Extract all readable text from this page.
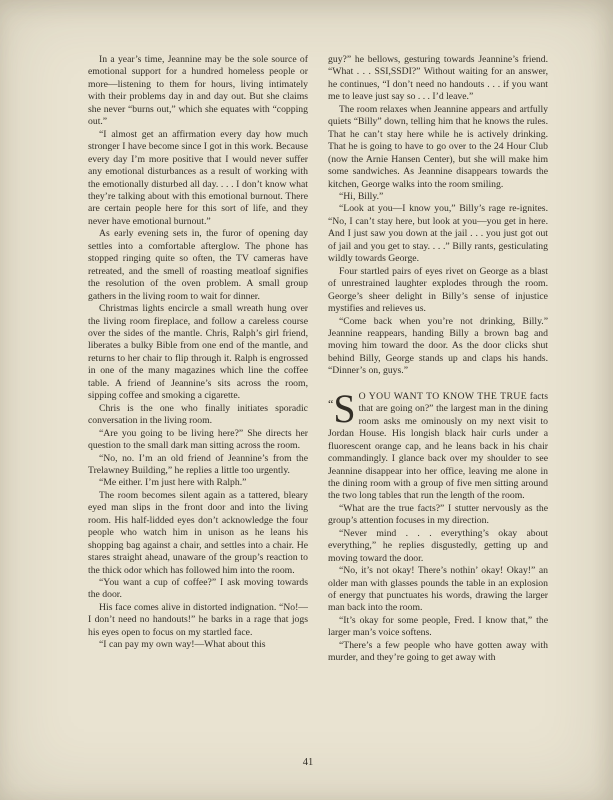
In a year’s time, Jeannine may be the sole source of emotional support for a hundred homeless people or more—listening to them for hours, living intimately with their problems day in and day out. But she claims she never “burns out,” which she equates with “copping out.”

“I almost get an affirmation every day how much stronger I have become since I got in this work. Because every day I’m more positive that I would never suffer any emotional disturbances as a result of working with the emotionally disturbed all day. . . . I don’t know what they’re talking about with this emotional burnout. There are certain people here for this sort of life, and they never have emotional burnout.”

As early evening sets in, the furor of opening day settles into a comfortable afterglow. The phone has stopped ringing quite so often, the TV cameras have retreated, and the smell of roasting meatloaf signifies the resolution of the oven problem. A small group gathers in the living room to wait for dinner.

Christmas lights encircle a small wreath hung over the living room fireplace, and follow a careless course over the sides of the mantle. Chris, Ralph’s girl friend, liberates a bulky Bible from one end of the mantle, and returns to her chair to flip through it. Ralph is engrossed in one of the many magazines which line the coffee table. A friend of Jeannine’s sits across the room, sipping coffee and smoking a cigarette.

Chris is the one who finally initiates sporadic conversation in the living room.

“Are you going to be living here?” She directs her question to the small dark man sitting across the room.

“No, no. I’m an old friend of Jeannine’s from the Trelawney Building,” he replies a little too urgently.

“Me either. I’m just here with Ralph.”

The room becomes silent again as a tattered, bleary eyed man slips in the front door and into the living room. His half-lidded eyes don’t acknowledge the four people who watch him in unison as he leans his shopping bag against a chair, and settles into a chair. He stares straight ahead, unaware of the group’s reaction to the thick odor which has followed him into the room.

“You want a cup of coffee?” I ask moving towards the door.

His face comes alive in distorted indignation. “No!—I don’t need no handouts!” he barks in a rage that jogs his eyes open to focus on my startled face.

“I can pay my own way!—What about this

guy?” he bellows, gesturing towards Jeannine’s friend. “What . . . SSI,SSDI?” Without waiting for an answer, he continues, “I don’t need no handouts . . . if you want me to leave just say so . . . I’d leave.”

The room relaxes when Jeannine appears and artfully quiets “Billy” down, telling him that he knows the rules. That he can’t stay here while he is actively drinking. That he is going to have to go over to the 24 Hour Club (now the Arnie Hansen Center), but she will make him some sandwiches. As Jeannine disappears towards the kitchen, George walks into the room smiling.

“Hi, Billy.”

“Look at you—I know you,” Billy’s rage re-ignites. “No, I can’t stay here, but look at you—you get in here. And I just saw you down at the jail . . . you just got out of jail and you get to stay. . . .” Billy rants, gesticulating wildly towards George.

Four startled pairs of eyes rivet on George as a blast of unrestrained laughter explodes through the room. George’s sheer delight in Billy’s sense of injustice mystifies and relieves us.

“Come back when you’re not drinking, Billy.” Jeannine reappears, handing Billy a brown bag and moving him toward the door. As the door clicks shut behind Billy, George stands up and claps his hands. “Dinner’s on, guys.”

“S O YOU WANT TO KNOW THE TRUE facts that are going on?” the largest man in the dining room asks me ominously on my next visit to Jordan House. His longish black hair curls under a fluorescent orange cap, and he leans back in his chair commandingly. I glance back over my shoulder to see Jeannine disappear into her office, leaving me alone in the dining room with a group of five men sitting around the two long tables that run the length of the room.

“What are the true facts?” I stutter nervously as the group’s attention focuses in my direction.

“Never mind . . . everything’s okay about everything,” he replies disgustedly, getting up and moving toward the door.

“No, it’s not okay! There’s nothin’ okay! Okay!” an older man with glasses pounds the table in an explosion of energy that punctuates his words, drawing the larger man back into the room.

“It’s okay for some people, Fred. I know that,” the larger man’s voice softens.

“There’s a few people who have gotten away with murder, and they’re going to get away with

41
